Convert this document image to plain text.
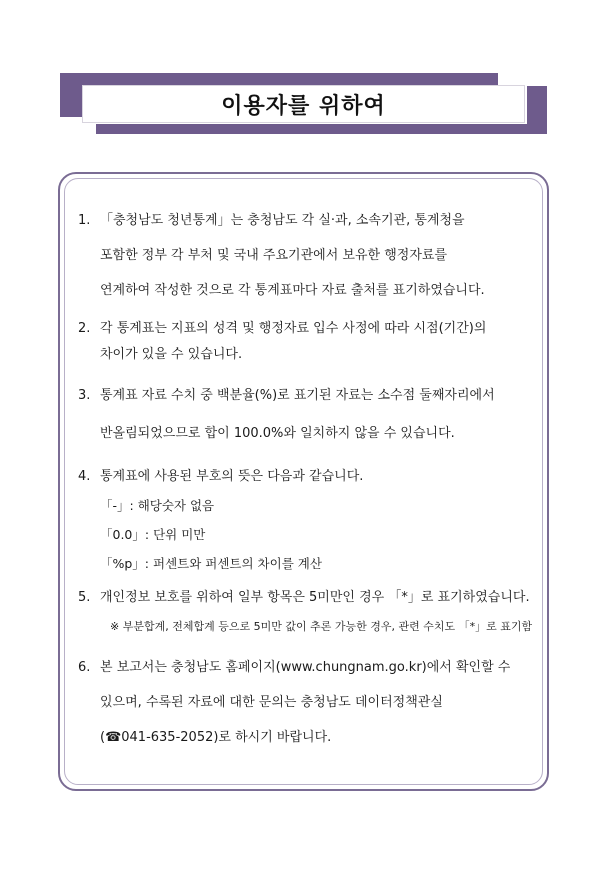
이용자를 위하여
1. 「충청남도 청년통계」는 충청남도 각 실·과, 소속기관, 통계청을
포함한 정부 각 부처 및 국내 주요기관에서 보유한 행정자료를
연계하여 작성한 것으로 각 통계표마다 자료 출처를 표기하였습니다.
2. 각 통계표는 지표의 성격 및 행정자료 입수 사정에 따라 시점(기간)의
차이가 있을 수 있습니다.
3. 통계표 자료 수치 중 백분율(%)로 표기된 자료는 소수점 둘째자리에서
반올림되었으므로 합이 100.0%와 일치하지 않을 수 있습니다.
4. 통계표에 사용된 부호의 뜻은 다음과 같습니다.
「-」: 해당숫자 없음
「0.0」: 단위 미만
「%p」: 퍼센트와 퍼센트의 차이를 계산
5. 개인정보 보호를 위하여 일부 항목은 5미만인 경우 「*」로 표기하였습니다.
※ 부분합계, 전체합계 등으로 5미만 값이 추론 가능한 경우, 관련 수치도 「*」로 표기함
6. 본 보고서는 충청남도 홈페이지(www.chungnam.go.kr)에서 확인할 수
있으며, 수록된 자료에 대한 문의는 충청남도 데이터정책관실
(☎041-635-2052)로 하시기 바랍니다.
